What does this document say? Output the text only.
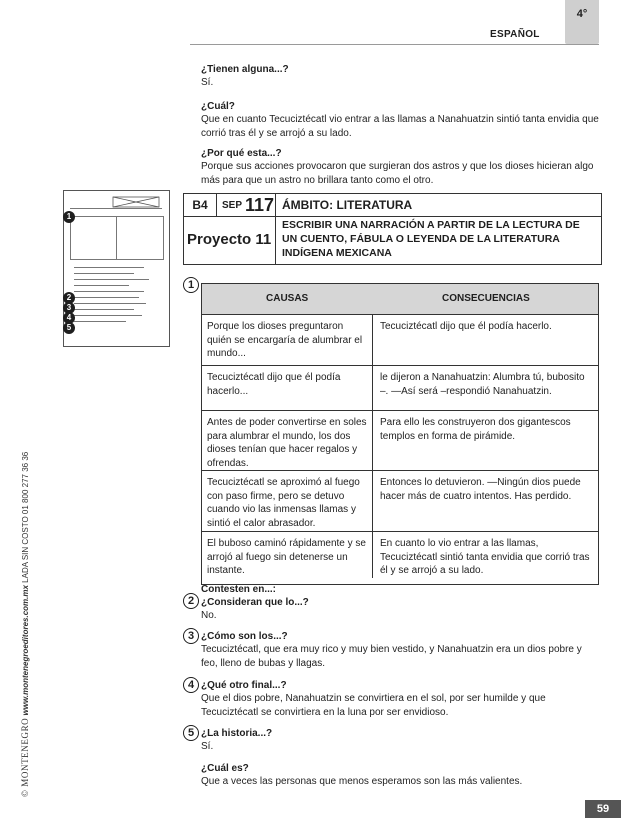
4°
ESPAÑOL
¿Tienen alguna...?
Sí.
¿Cuál?
Que en cuanto Tecuciztécatl vio entrar a las llamas a Nanahuatzin sintió tanta envidia que corrió tras él y se arrojó a su lado.
¿Por qué esta...?
Porque sus acciones provocaron que surgieran dos astros y que los dioses hicieran algo más para que un astro no brillara tanto como el otro.
1
2
3
4
5
B4	SEP 117 ÁMBITO: LITERATURA
Proyecto 11
ESCRIBIR UNA NARRACIÓN A PARTIR DE LA LECTURA DE UN CUENTO, FÁBULA O LEYENDA DE LA LITERATURA INDÍGENA MEXICANA
1
CAUSAS	CONSECUENCIAS
Porque los dioses preguntaron quién se encargaría de alumbrar el mundo...
Tecuciztécatl dijo que él podía hacerlo.
Tecuciztécatl dijo que él podía hacerlo...
le dijeron a Nanahuatzin: Alumbra tú, bubosito –. —Así será –respondió Nanahuatzin.
Antes de poder convertirse en soles para alumbrar el mundo, los dos dioses tenían que hacer regalos y ofrendas.
Para ello les construyeron dos gigantescos templos en forma de pirámide.
Tecuciztécatl se aproximó al fuego con paso firme, pero se detuvo cuando vio las inmensas llamas y sintió el calor abrasador.
Entonces lo detuvieron. —Ningún dios puede hacer más de cuatro intentos. Has perdido.
El buboso caminó rápidamente y se arrojó al fuego sin detenerse un instante.
En cuanto lo vio entrar a las llamas, Tecuciztécatl sintió tanta envidia que corrió tras él y se arrojó a su lado.
2
Contesten en...:
¿Consideran que lo...?
No.
3 ¿Cómo son los...?
Tecuciztécatl, que era muy rico y muy bien vestido, y Nanahuatzin era un dios pobre y feo, lleno de bubas y llagas.
4 ¿Qué otro final...?
Que el dios pobre, Nanahuatzin se convirtiera en el sol, por ser humilde y que Tecuciztécatl se convirtiera en la luna por ser envidioso.
5 ¿La historia...?
Sí.
¿Cuál es?
Que a veces las personas que menos esperamos son las más valientes.
© MONTENEGRO www.montenegroeditores.com.mx LADA SIN COSTO 01 800 277 36 36
59
